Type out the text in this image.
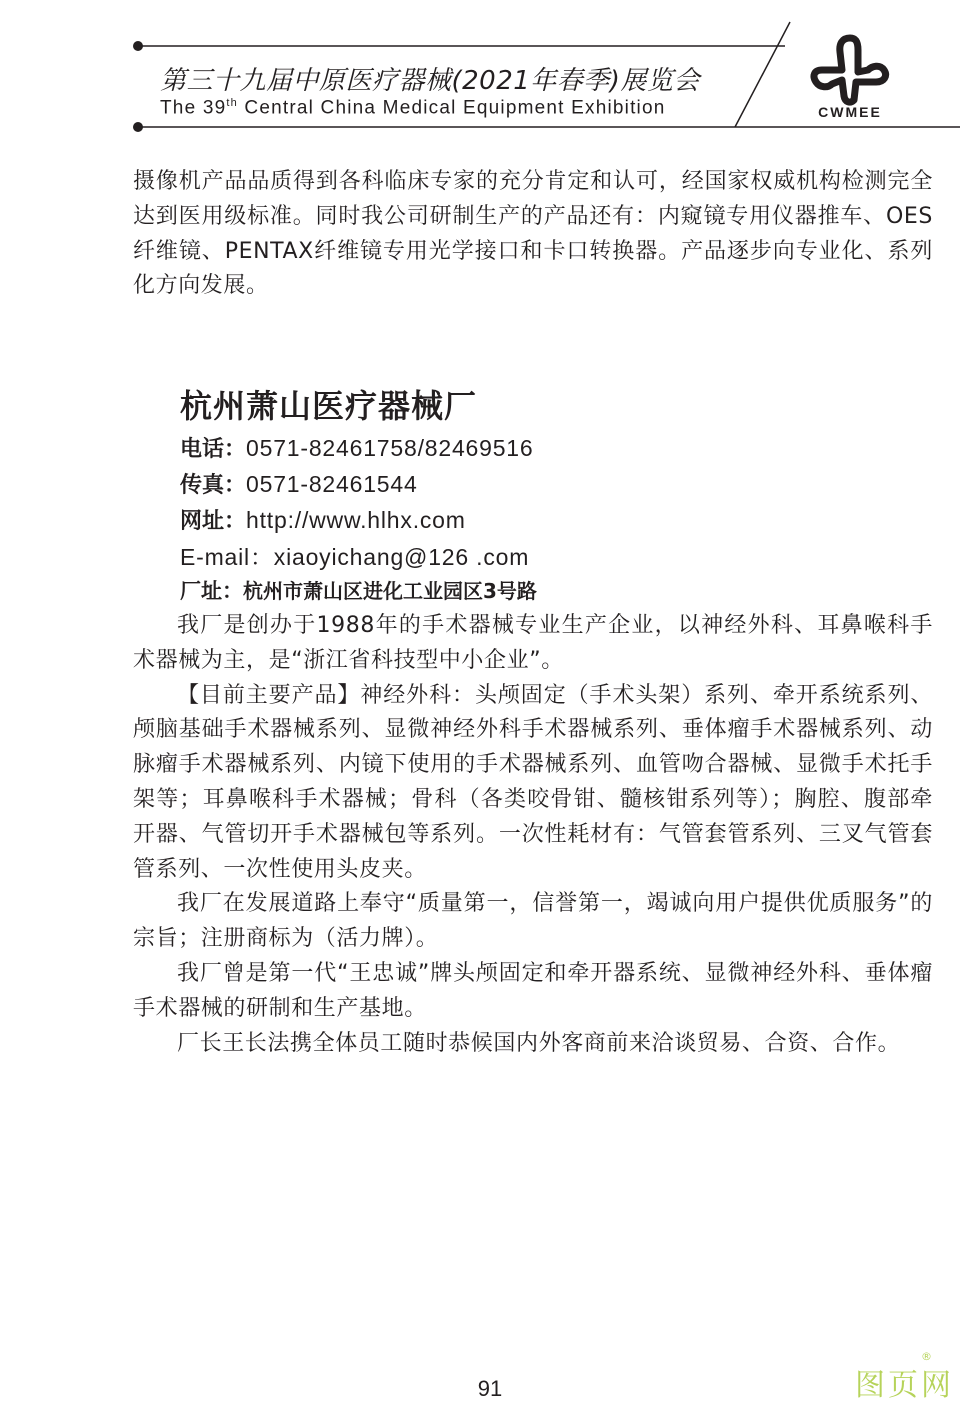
第三十九届中原医疗器械(2021年春季)展览会
The 39th Central China Medical Equipment Exhibition	CWMEE

摄像机产品品质得到各科临床专家的充分肯定和认可，经国家权威机构检测完全达到医用级标准。同时我公司研制生产的产品还有：内窥镜专用仪器推车、OES纤维镜、PENTAX纤维镜专用光学接口和卡口转换器。产品逐步向专业化、系列化方向发展。

杭州萧山医疗器械厂
电话：0571-82461758/82469516
传真：0571-82461544
网址：http://www.hlhx.com
E-mail：xiaoyichang@126 .com
厂址：杭州市萧山区进化工业园区3号路
我厂是创办于1988年的手术器械专业生产企业，以神经外科、耳鼻喉科手术器械为主，是“浙江省科技型中小企业”。
【目前主要产品】神经外科：头颅固定（手术头架）系列、牵开系统系列、颅脑基础手术器械系列、显微神经外科手术器械系列、垂体瘤手术器械系列、动脉瘤手术器械系列、内镜下使用的手术器械系列、血管吻合器械、显微手术托手架等；耳鼻喉科手术器械；骨科（各类咬骨钳、髓核钳系列等）；胸腔、腹部牵开器、气管切开手术器械包等系列。一次性耗材有：气管套管系列、三叉气管套管系列、一次性使用头皮夹。
我厂在发展道路上奉守“质量第一，信誉第一，竭诚向用户提供优质服务”的宗旨；注册商标为（活力牌）。
我厂曾是第一代“王忠诚”牌头颅固定和牵开器系统、显微神经外科、垂体瘤手术器械的研制和生产基地。
厂长王长法携全体员工随时恭候国内外客商前来洽谈贸易、合资、合作。
91	图页网
®
